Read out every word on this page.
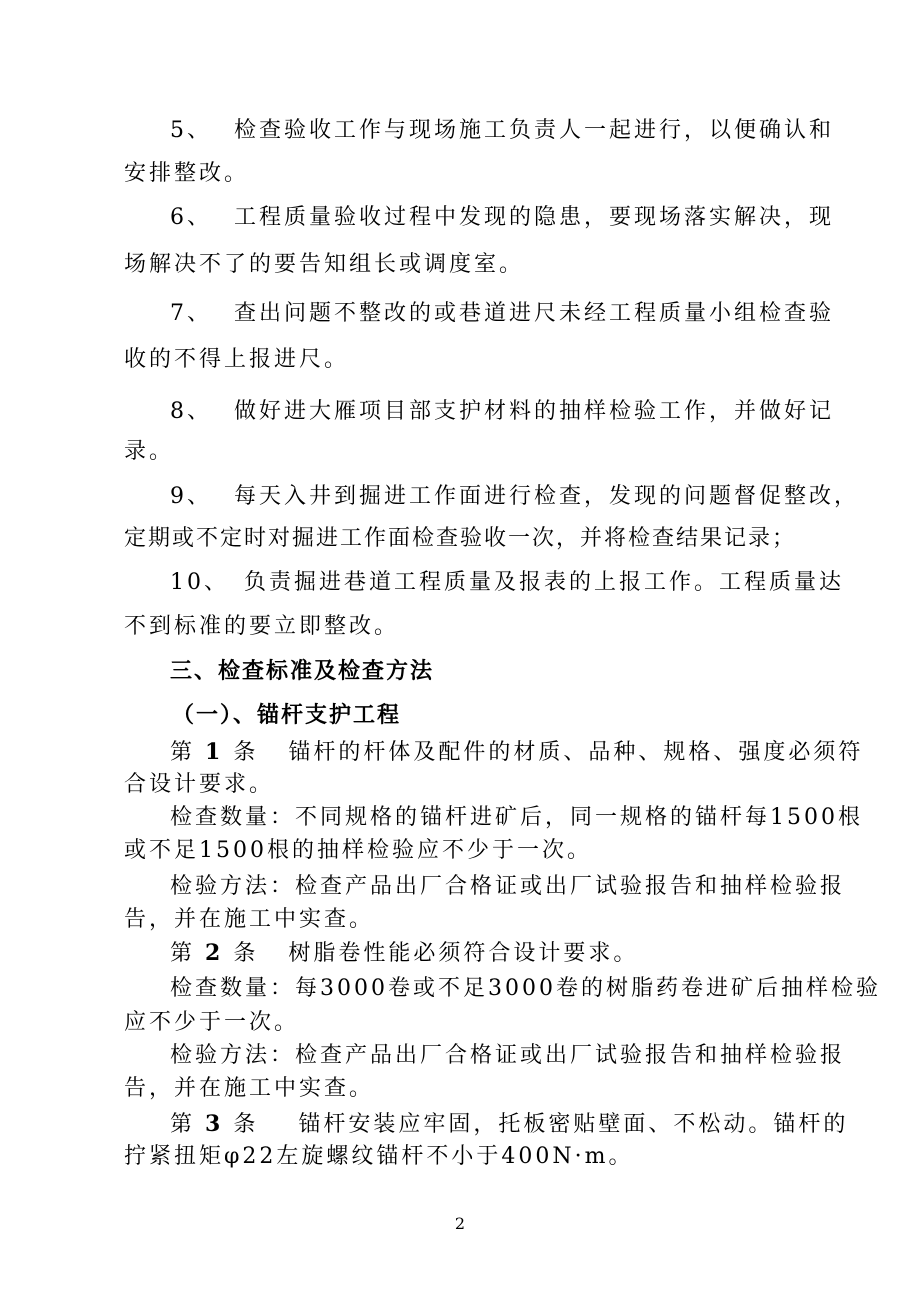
5、 检查验收工作与现场施工负责人一起进行，以便确认和
安排整改。
6、 工程质量验收过程中发现的隐患，要现场落实解决，现
场解决不了的要告知组长或调度室。
7、 查出问题不整改的或巷道进尺未经工程质量小组检查验
收的不得上报进尺。
8、 做好进大雁项目部支护材料的抽样检验工作，并做好记
录。
9、 每天入井到掘进工作面进行检查，发现的问题督促整改，
定期或不定时对掘进工作面检查验收一次，并将检查结果记录；
10、 负责掘进巷道工程质量及报表的上报工作。工程质量达
不到标准的要立即整改。
三、检查标准及检查方法
（一）、锚杆支护工程
第 1 条 锚杆的杆体及配件的材质、品种、规格、强度必须符
合设计要求。
检查数量：不同规格的锚杆进矿后，同一规格的锚杆每1500根
或不足1500根的抽样检验应不少于一次。
检验方法：检查产品出厂合格证或出厂试验报告和抽样检验报
告，并在施工中实查。
第 2 条 树脂卷性能必须符合设计要求。
检查数量：每3000卷或不足3000卷的树脂药卷进矿后抽样检验
应不少于一次。
检验方法：检查产品出厂合格证或出厂试验报告和抽样检验报
告，并在施工中实查。
第 3 条 锚杆安装应牢固，托板密贴壁面、不松动。锚杆的
拧紧扭矩φ22左旋螺纹锚杆不小于400N·m。
2
